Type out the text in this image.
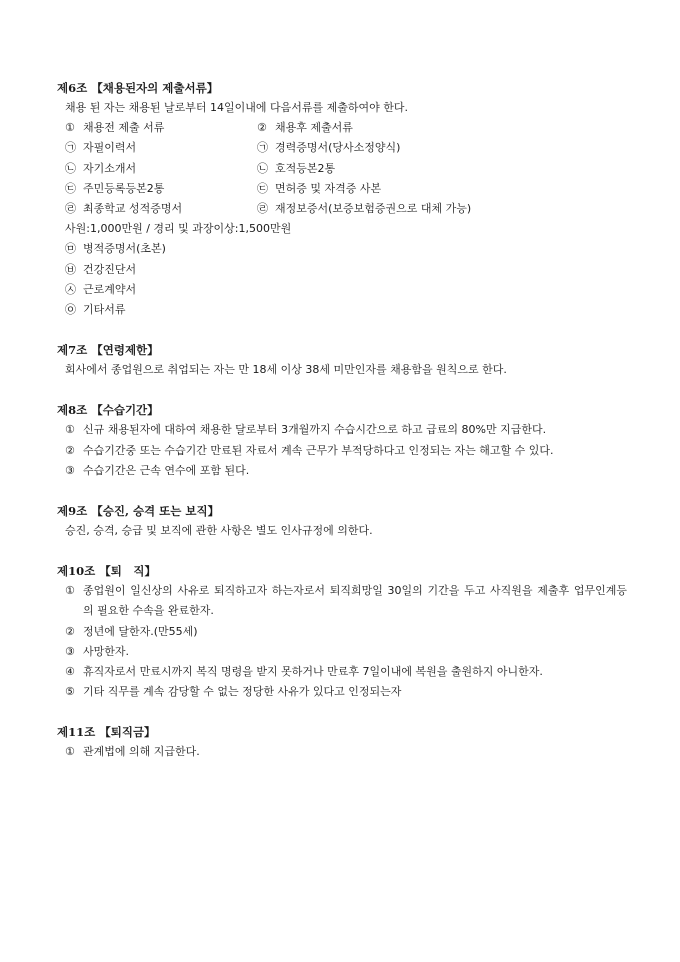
제6조 【채용된자의 제출서류】
채용 된 자는 채용된 날로부터 14일이내에 다음서류를 제출하여야 한다.
① 채용전 제출 서류	② 채용후 제출서류
㉠ 자필이력서	㉠ 경력증명서(당사소정양식)
㉡ 자기소개서	㉡ 호적등본2통
㉢ 주민등록등본2통	㉢ 면허증 및 자격증 사본
㉣ 최종학교 성적증명서	㉣ 재정보증서(보증보험증권으로 대체 가능)
사원:1,000만원 / 경리 및 과장이상:1,500만원
㉤ 병적증명서(초본)
㉥ 건강진단서
㉦ 근로계약서
㉧ 기타서류
제7조 【연령제한】
회사에서 종업원으로 취업되는 자는 만 18세 이상 38세 미만인자를 채용함을 원칙으로 한다.
제8조 【수습기간】
① 신규 채용된자에 대하여 채용한 달로부터 3개월까지 수습시간으로 하고 급료의 80%만 지급한다.
② 수습기간중 또는 수습기간 만료된 자료서 계속 근무가 부적당하다고 인정되는 자는 해고할 수 있다.
③ 수습기간은 근속 연수에 포함 된다.
제9조 【승진, 승격 또는 보직】
승진, 승격, 승급 및 보직에 관한 사항은 별도 인사규정에 의한다.
제10조 【퇴　직】
① 종업원이 일신상의 사유로 퇴직하고자 하는자로서 퇴직희망일 30일의 기간을 두고 사직원을 제출후 업무인계등 의 필요한 수속을 완료한자.
② 정년에 달한자.(만55세)
③ 사망한자.
④ 휴직자로서 만료시까지 복직 명령을 받지 못하거나 만료후 7일이내에 복원을 출원하지 아니한자.
⑤ 기타 직무를 계속 감당할 수 없는 정당한 사유가 있다고 인정되는자
제11조 【퇴직금】
① 관계법에 의해 지급한다.
